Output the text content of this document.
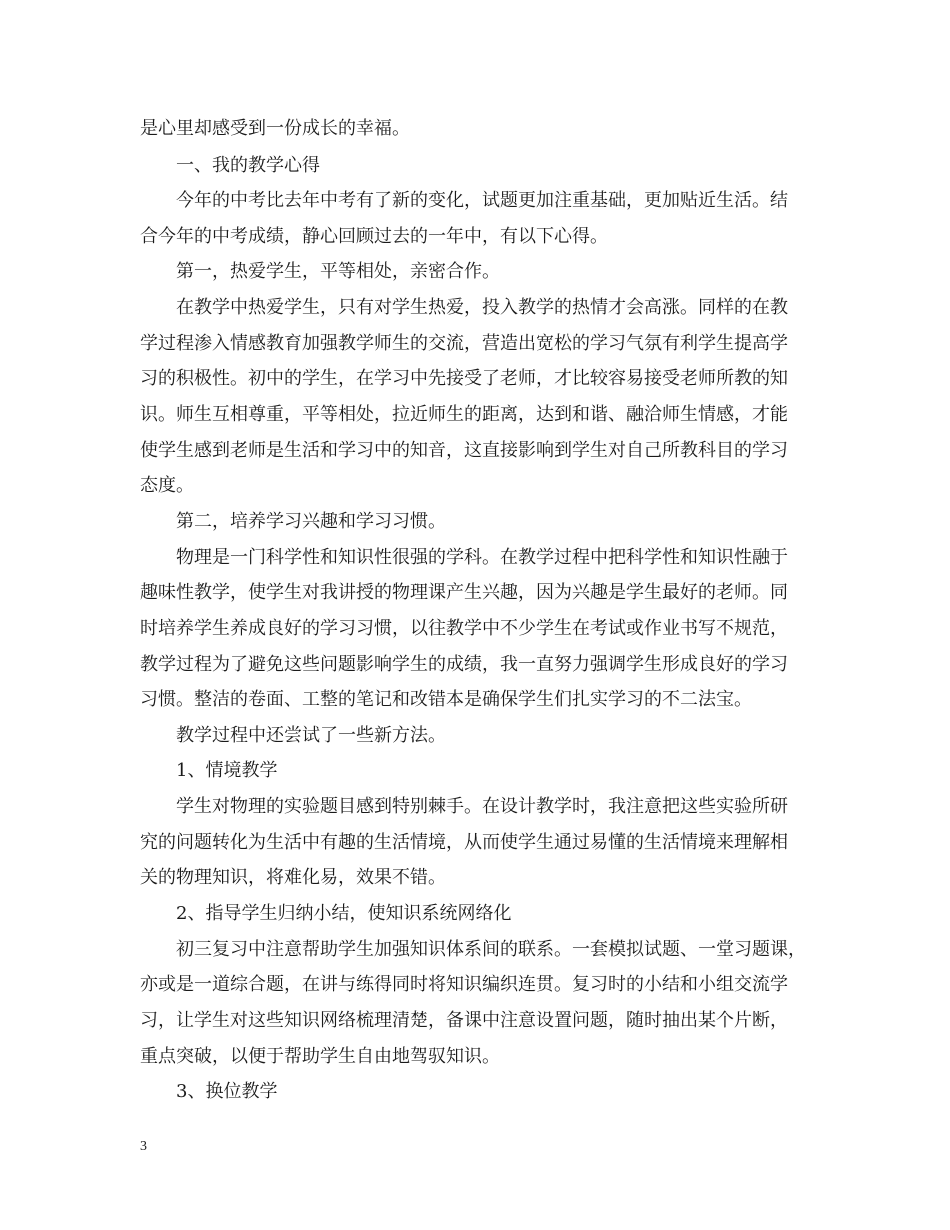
是心里却感受到一份成长的幸福。
一、我的教学心得
今年的中考比去年中考有了新的变化，试题更加注重基础，更加贴近生活。结
合今年的中考成绩，静心回顾过去的一年中，有以下心得。
第一，热爱学生，平等相处，亲密合作。
在教学中热爱学生，只有对学生热爱，投入教学的热情才会高涨。同样的在教
学过程渗入情感教育加强教学师生的交流，营造出宽松的学习气氛有利学生提高学
习的积极性。初中的学生，在学习中先接受了老师，才比较容易接受老师所教的知
识。师生互相尊重，平等相处，拉近师生的距离，达到和谐、融洽师生情感，才能
使学生感到老师是生活和学习中的知音，这直接影响到学生对自己所教科目的学习
态度。
第二，培养学习兴趣和学习习惯。
物理是一门科学性和知识性很强的学科。在教学过程中把科学性和知识性融于
趣味性教学，使学生对我讲授的物理课产生兴趣，因为兴趣是学生最好的老师。同
时培养学生养成良好的学习习惯，以往教学中不少学生在考试或作业书写不规范，
教学过程为了避免这些问题影响学生的成绩，我一直努力强调学生形成良好的学习
习惯。整洁的卷面、工整的笔记和改错本是确保学生们扎实学习的不二法宝。
教学过程中还尝试了一些新方法。
1、情境教学
学生对物理的实验题目感到特别棘手。在设计教学时，我注意把这些实验所研
究的问题转化为生活中有趣的生活情境，从而使学生通过易懂的生活情境来理解相
关的物理知识，将难化易，效果不错。
2、指导学生归纳小结，使知识系统网络化
初三复习中注意帮助学生加强知识体系间的联系。一套模拟试题、一堂习题课，
亦或是一道综合题，在讲与练得同时将知识编织连贯。复习时的小结和小组交流学
习，让学生对这些知识网络梳理清楚，备课中注意设置问题，随时抽出某个片断，
重点突破，以便于帮助学生自由地驾驭知识。
3、换位教学
3
